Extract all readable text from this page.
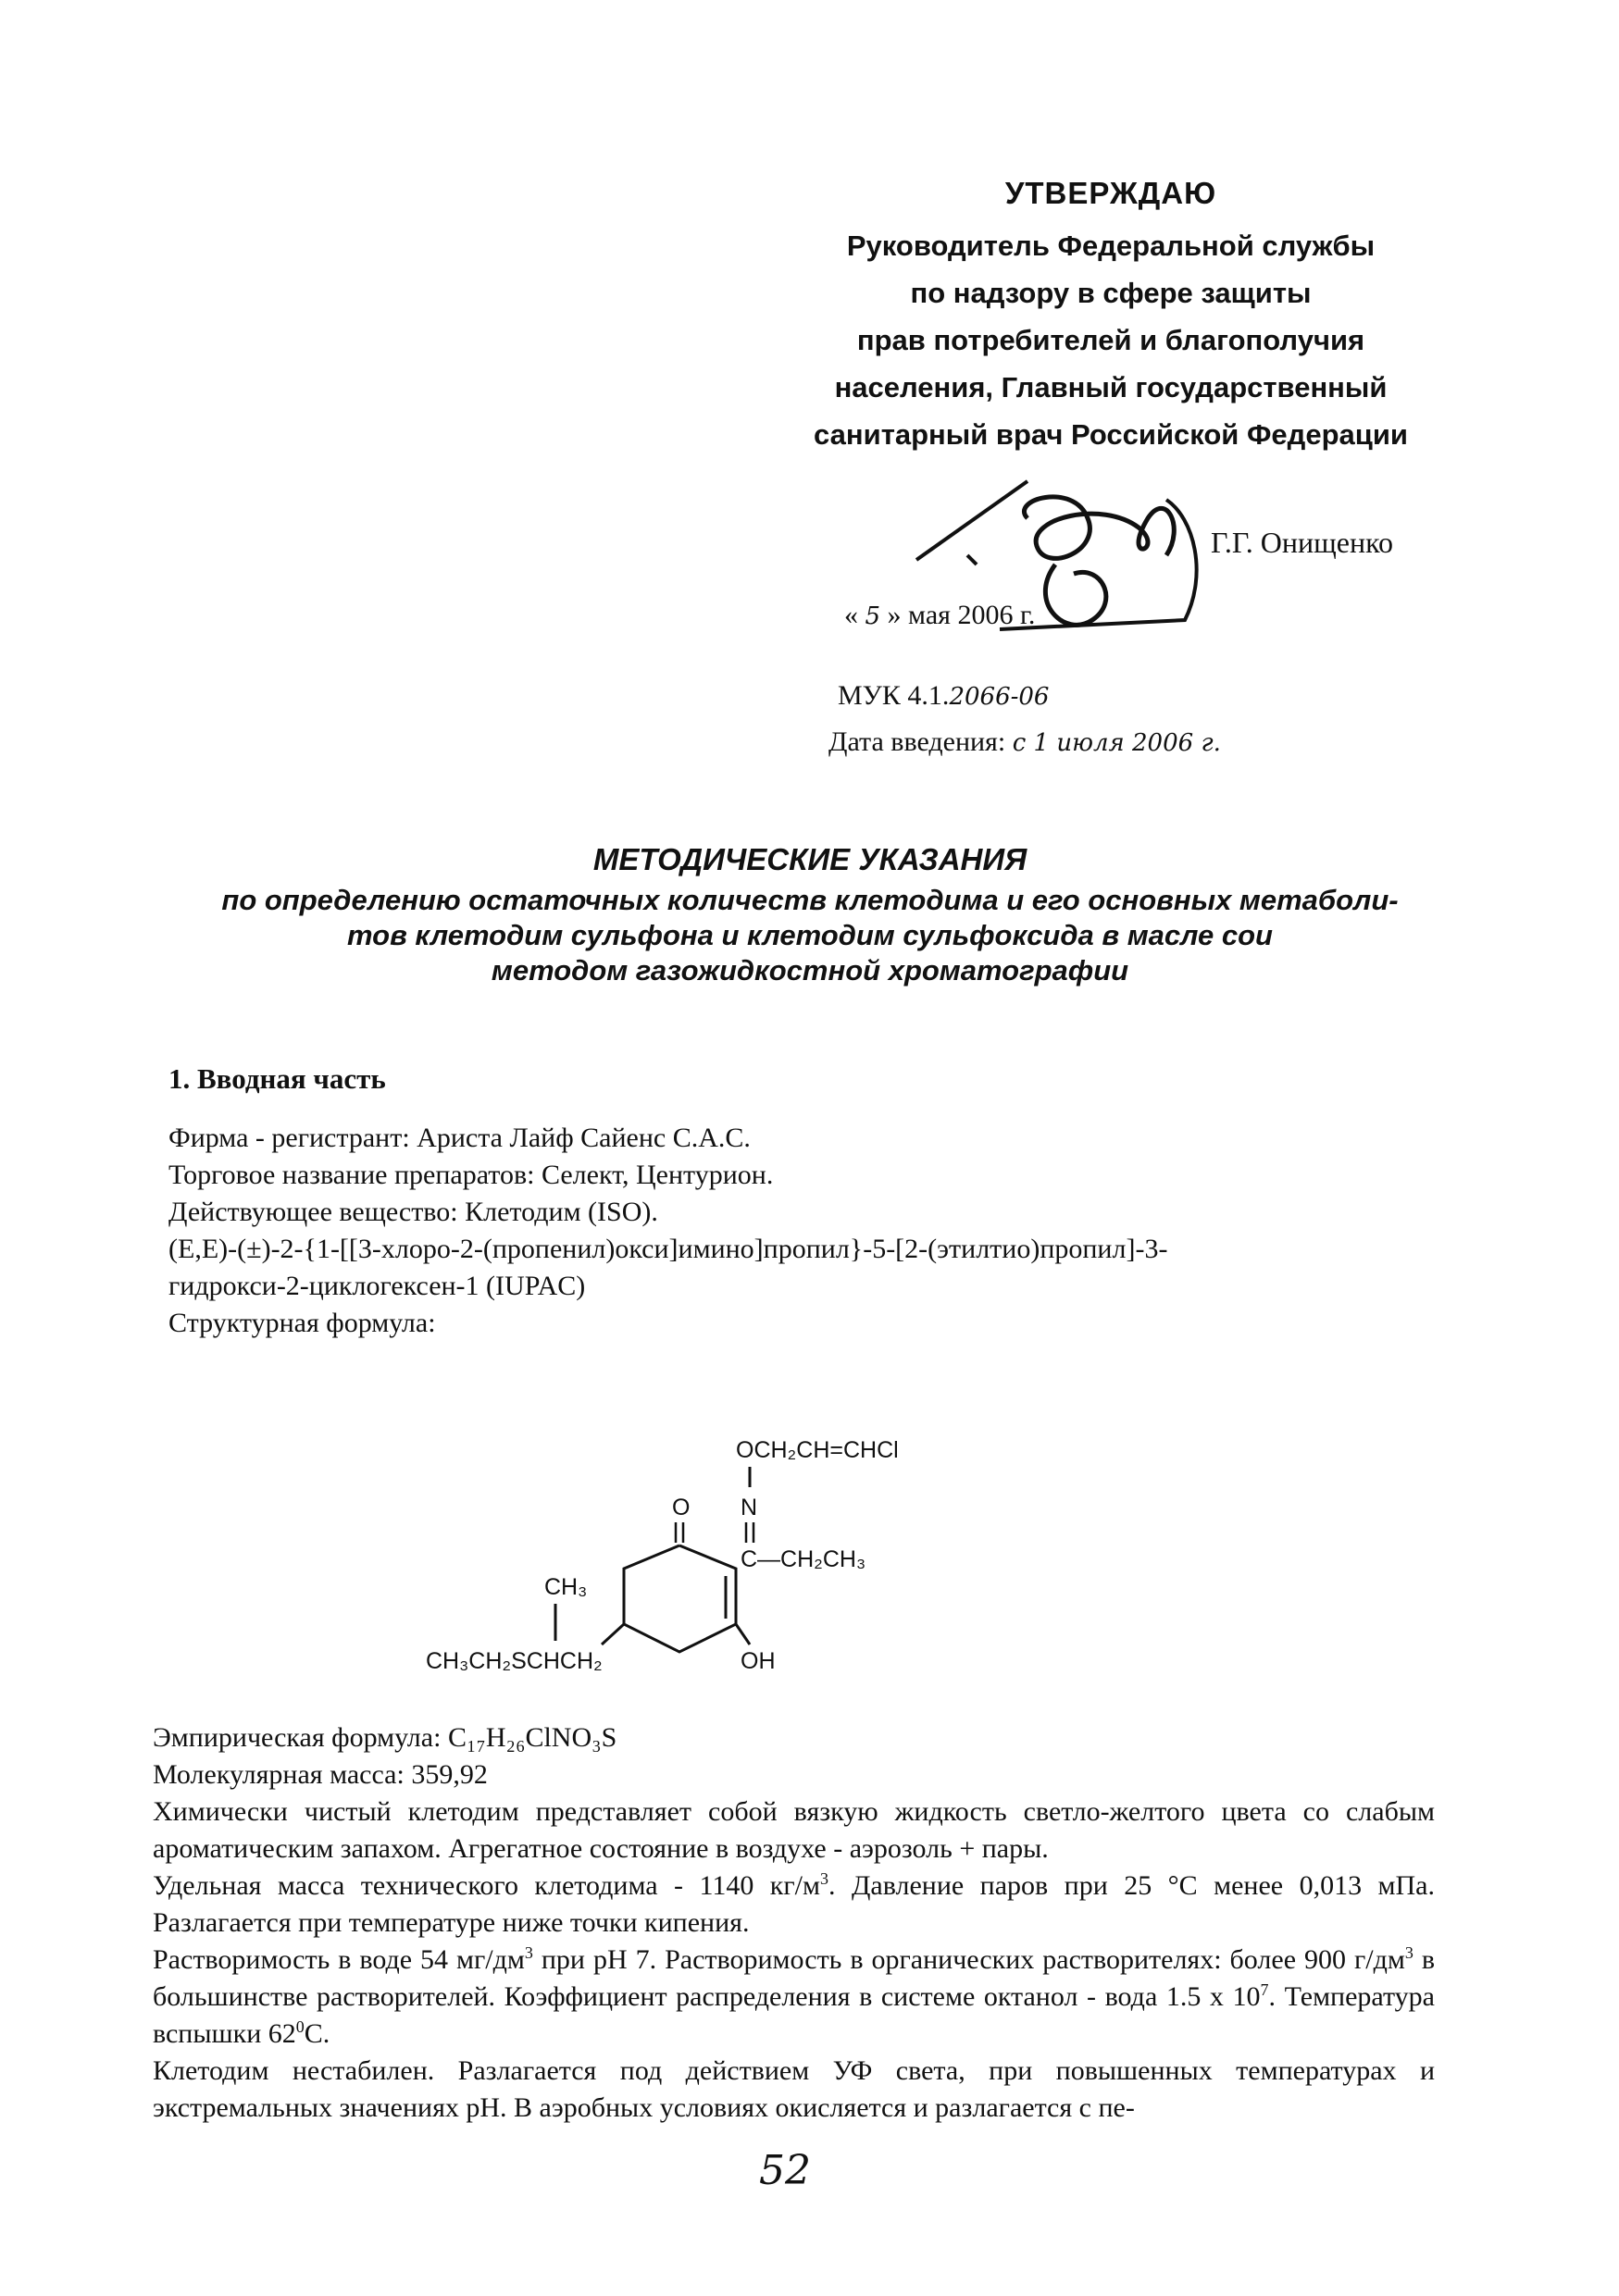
УТВЕРЖДАЮ
Руководитель Федеральной службы
по надзору в сфере защиты
прав потребителей и благополучия
населения, Главный государственный
санитарный врач Российской Федерации
Г.Г. Онищенко
« 5 » мая 2006 г.
МУК 4.1.2066-06
Дата введения: с 1 июля 2006 г.
МЕТОДИЧЕСКИЕ УКАЗАНИЯ
по определению остаточных количеств клетодима и его основных метаболи-
тов клетодим сульфона и клетодим сульфоксида в масле сои
методом газожидкостной хроматографии
1. Вводная часть
Фирма - регистрант: Ариста Лайф Сайенс С.А.С.
Торговое название препаратов: Селект, Центурион.
Действующее вещество: Клетодим (ISO).
(E,E)-(±)-2-{1-[[3-хлоро-2-(пропенил)окси]имино]пропил}-5-[2-(этилтио)пропил]-3-
гидрокси-2-циклогексен-1 (IUPAC)
Структурная формула:
OCH₂CH=CHCl
N
C—CH₂CH₃
O
OH
CH₃
CH₃CH₂SCHCH₂
Эмпирическая формула: C₁₇H₂₆ClNO₃S
Молекулярная масса: 359,92

Химически чистый клетодим представляет собой вязкую жидкость светло-желтого цвета со слабым ароматическим запахом. Агрегатное состояние в воздухе - аэрозоль + пары.

Удельная масса технического клетодима - 1140 $кг/м^3$. Давление паров при 25 °С менее 0,013 мПа. Разлагается при температуре ниже точки кипения.

Растворимость в воде 54 $мг/дм^3$ при pH 7. Растворимость в органических растворителях: более 900 $г/дм^3$ в большинстве растворителей. Коэффициент распределения в системе октанол - вода 1.5 x $10^7$. Температура вспышки $62^0С$.

Клетодим нестабилен. Разлагается под действием УФ света, при повышенных температурах и экстремальных значениях pH. В аэробных условиях окисляется и разлагается с пе-

52
